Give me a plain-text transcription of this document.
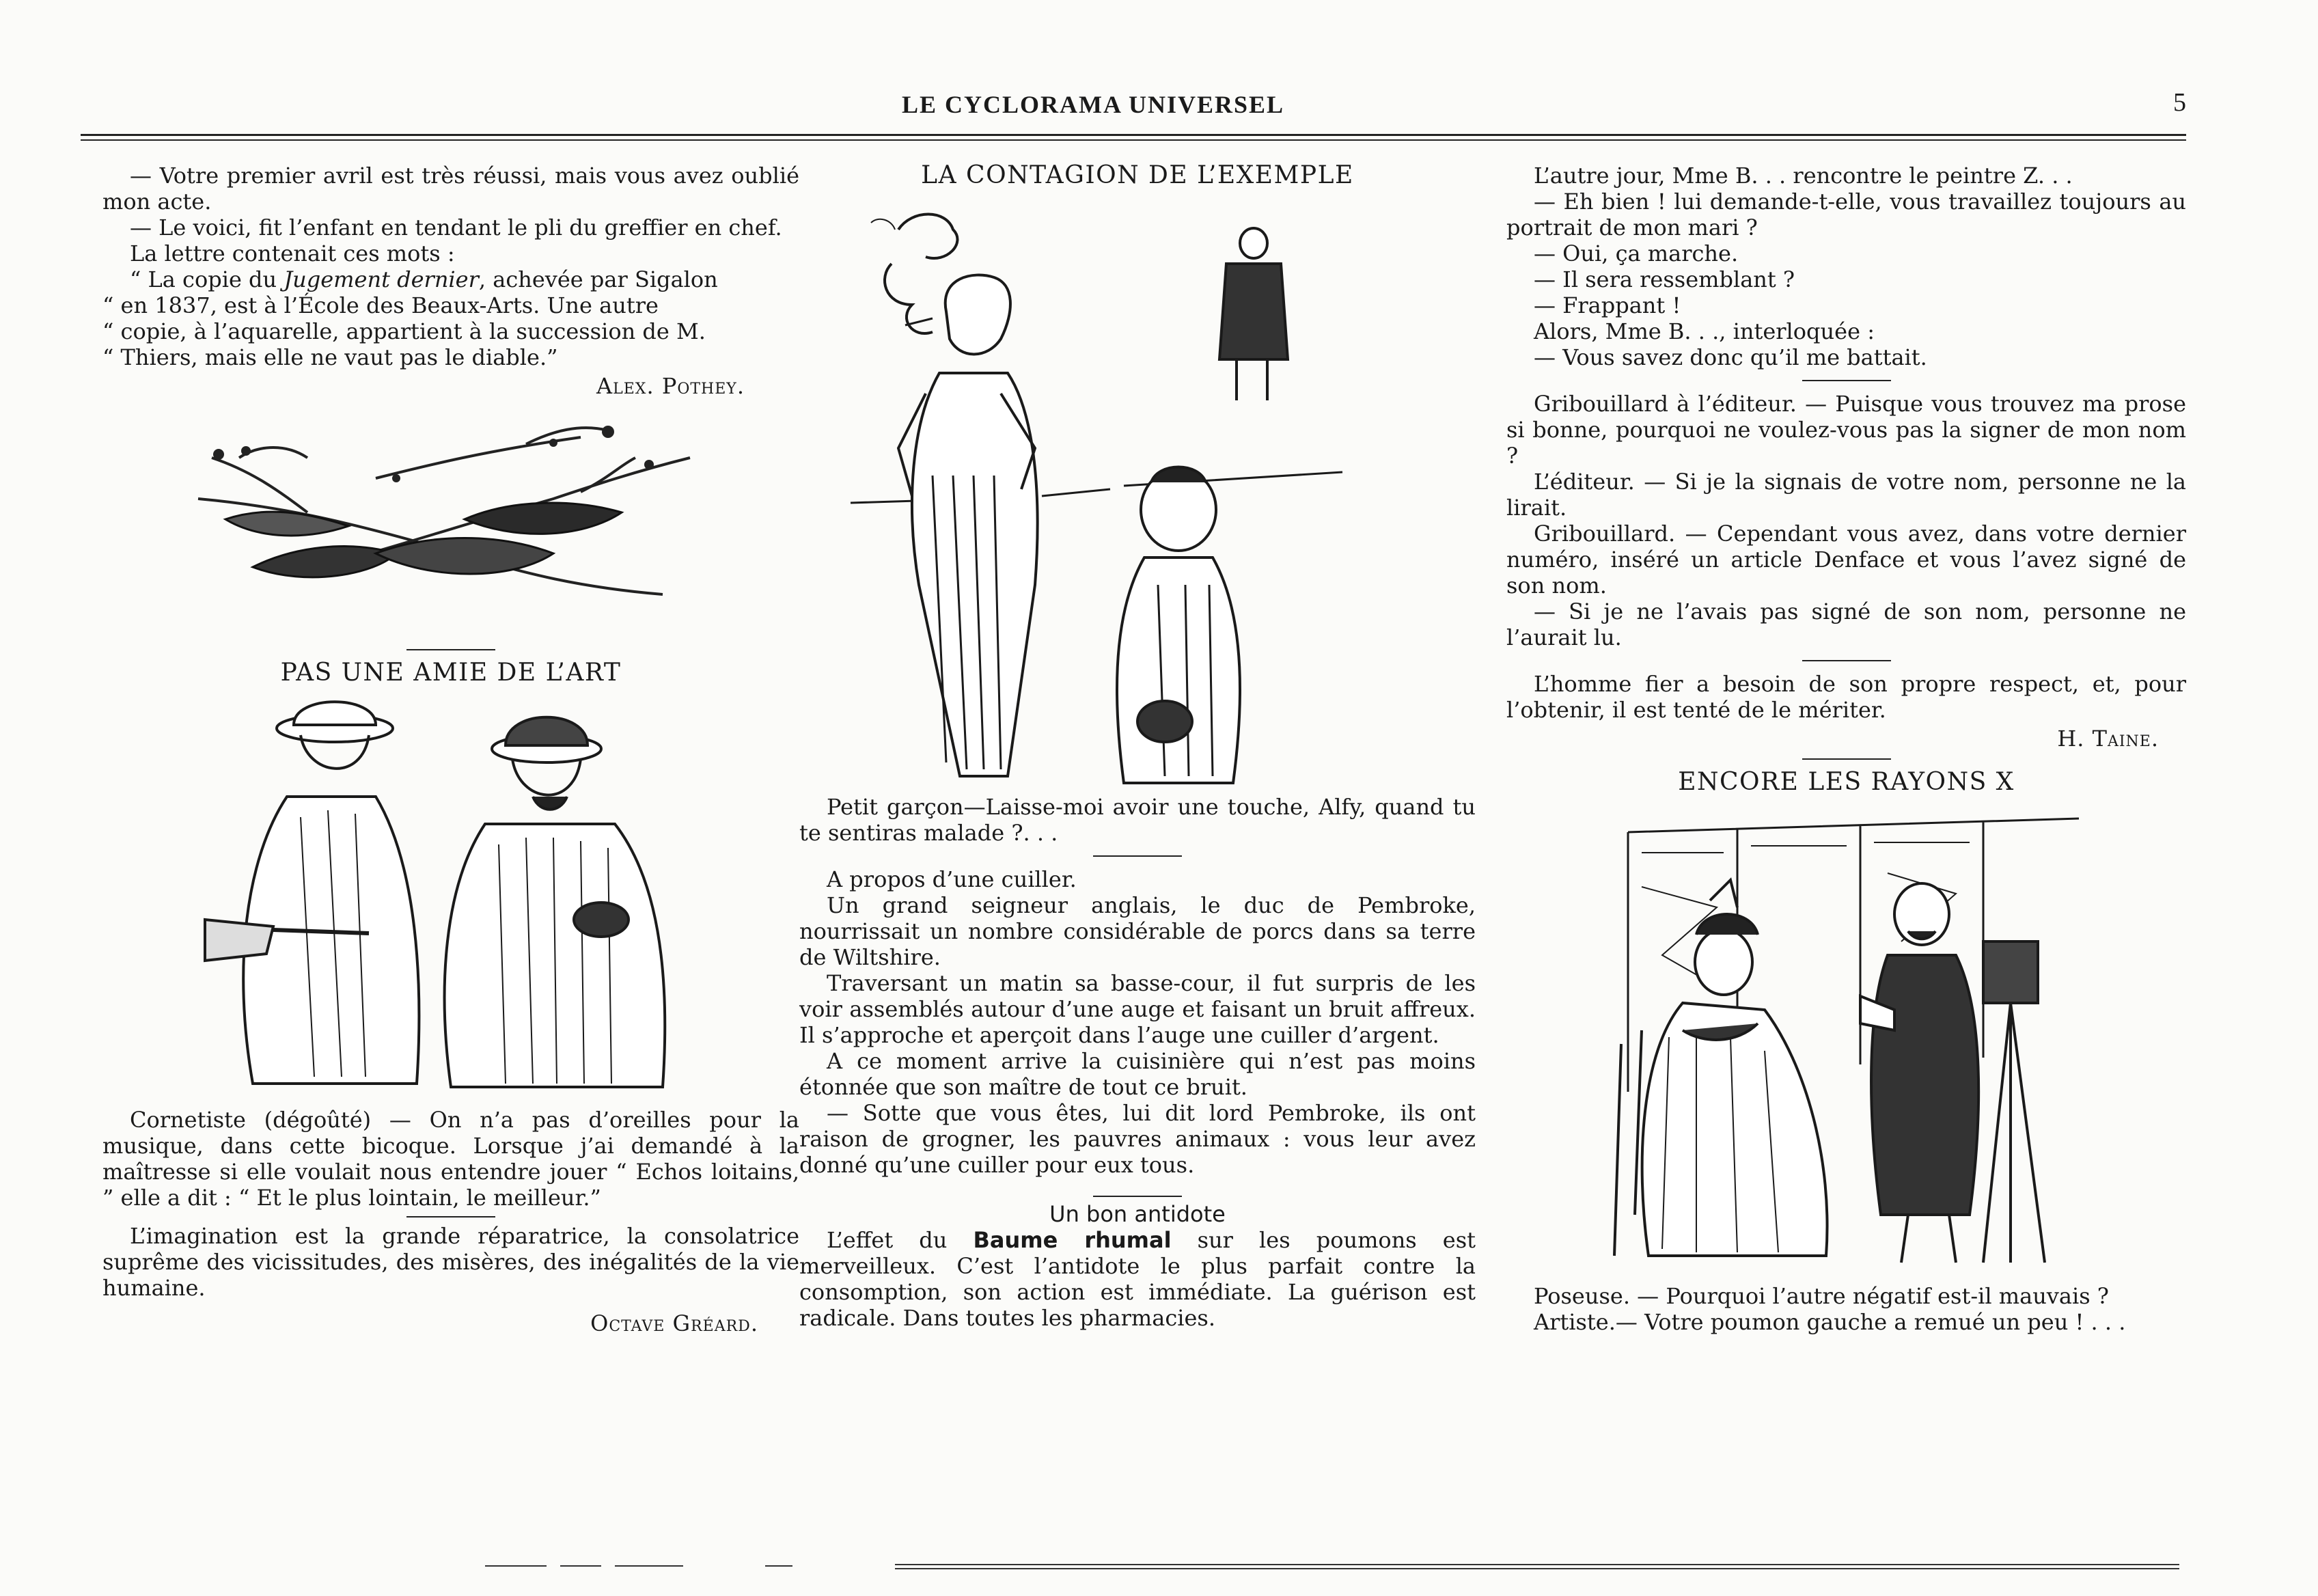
LE CYCLORAMA UNIVERSEL	5

— Votre premier avril est très réussi, mais vous avez oublié mon acte.

— Le voici, fit l’enfant en tendant le pli du greffier en chef.

La lettre contenait ces mots :

“ La copie du Jugement dernier, achevée par Sigalon

“ en 1837, est à l’École des Beaux-Arts. Une autre

“ copie, à l’aquarelle, appartient à la succession de M.

“ Thiers, mais elle ne vaut pas le diable.”

Alex. Pothey.

PAS UNE AMIE DE L’ART

Cornetiste (dégoûté) — On n’a pas d’oreilles pour la musique, dans cette bicoque. Lorsque j’ai demandé à la maîtresse si elle voulait nous entendre jouer “ Echos loitains, ” elle a dit : “ Et le plus lointain, le meilleur.”

L’imagination est la grande réparatrice, la consolatrice suprême des vicissitudes, des misères, des inégalités de la vie humaine.

Octave Gréard.

LA CONTAGION DE L’EXEMPLE

Petit garçon—Laisse-moi avoir une touche, Alfy, quand tu te sentiras malade ?. . .

A propos d’une cuiller.

Un grand seigneur anglais, le duc de Pembroke, nourrissait un nombre considérable de porcs dans sa terre de Wiltshire.

Traversant un matin sa basse-cour, il fut surpris de les voir assemblés autour d’une auge et faisant un bruit affreux. Il s’approche et aperçoit dans l’auge une cuiller d’argent.

A ce moment arrive la cuisinière qui n’est pas moins étonnée que son maître de tout ce bruit.

— Sotte que vous êtes, lui dit lord Pembroke, ils ont raison de grogner, les pauvres animaux : vous leur avez donné qu’une cuiller pour eux tous.

Un bon antidote

L’effet du Baume rhumal sur les poumons est merveilleux. C’est l’antidote le plus parfait contre la consomption, son action est immédiate. La guérison est radicale. Dans toutes les pharmacies.

L’autre jour, Mme B. . . rencontre le peintre Z. . .

— Eh bien ! lui demande-t-elle, vous travaillez toujours au portrait de mon mari ?

— Oui, ça marche.

— Il sera ressemblant ?

— Frappant !

Alors, Mme B. . ., interloquée :

— Vous savez donc qu’il me battait.

Gribouillard à l’éditeur. — Puisque vous trouvez ma prose si bonne, pourquoi ne voulez-vous pas la signer de mon nom ?

L’éditeur. — Si je la signais de votre nom, personne ne la lirait.

Gribouillard. — Cependant vous avez, dans votre dernier numéro, inséré un article Denface et vous l’avez signé de son nom.

— Si je ne l’avais pas signé de son nom, personne ne l’aurait lu.

L’homme fier a besoin de son propre respect, et, pour l’obtenir, il est tenté de le mériter.

H. Taine.

ENCORE LES RAYONS X

Poseuse. — Pourquoi l’autre négatif est-il mauvais ?

Artiste.— Votre poumon gauche a remué un peu ! . . .
